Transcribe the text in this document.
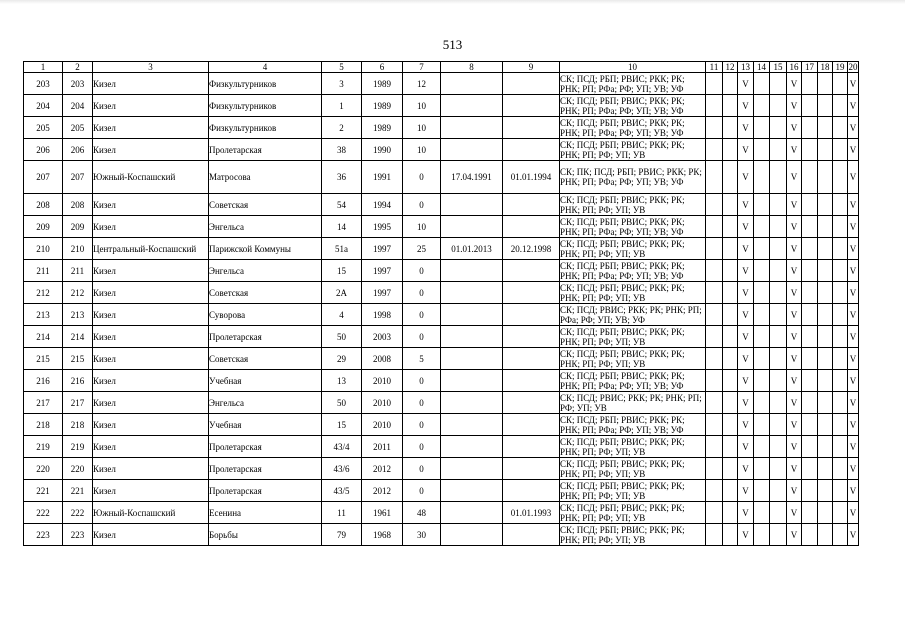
513
1	2	3	4	5	6	7	8	9	10	11	12	13	14	15	16	17	18	19	20
203	203	Кизел	Физкультурников	3	1989	12			СК; ПСД; РБП; РВИС; РКК; РК; РНК; РП; РФа; РФ; УП; УВ; УФ			V			V				V
204	204	Кизел	Физкультурников	1	1989	10			СК; ПСД; РБП; РВИС; РКК; РК; РНК; РП; РФа; РФ; УП; УВ; УФ			V			V				V
205	205	Кизел	Физкультурников	2	1989	10			СК; ПСД; РБП; РВИС; РКК; РК; РНК; РП; РФа; РФ; УП; УВ; УФ			V			V				V
206	206	Кизел	Пролетарская	38	1990	10			СК; ПСД; РБП; РВИС; РКК; РК; РНК; РП; РФ; УП; УВ			V			V				V
207	207	Южный-Коспашский	Матросова	36	1991	0	17.04.1991	01.01.1994	СК; ПК; ПСД; РБП; РВИС; РКК; РК; РНК; РП; РФа; РФ; УП; УВ; УФ			V			V				V
208	208	Кизел	Советская	54	1994	0			СК; ПСД; РБП; РВИС; РКК; РК; РНК; РП; РФ; УП; УВ			V			V				V
209	209	Кизел	Энгельса	14	1995	10			СК; ПСД; РБП; РВИС; РКК; РК; РНК; РП; РФа; РФ; УП; УВ; УФ			V			V				V
210	210	Центральный-Коспашский	Парижской Коммуны	51а	1997	25	01.01.2013	20.12.1998	СК; ПСД; РБП; РВИС; РКК; РК; РНК; РП; РФ; УП; УВ			V			V				V
211	211	Кизел	Энгельса	15	1997	0			СК; ПСД; РБП; РВИС; РКК; РК; РНК; РП; РФа; РФ; УП; УВ; УФ			V			V				V
212	212	Кизел	Советская	2А	1997	0			СК; ПСД; РБП; РВИС; РКК; РК; РНК; РП; РФ; УП; УВ			V			V				V
213	213	Кизел	Суворова	4	1998	0			СК; ПСД; РВИС; РКК; РК; РНК; РП; РФа; РФ; УП; УВ; УФ			V			V				V
214	214	Кизел	Пролетарская	50	2003	0			СК; ПСД; РБП; РВИС; РКК; РК; РНК; РП; РФ; УП; УВ			V			V				V
215	215	Кизел	Советская	29	2008	5			СК; ПСД; РБП; РВИС; РКК; РК; РНК; РП; РФ; УП; УВ			V			V				V
216	216	Кизел	Учебная	13	2010	0			СК; ПСД; РБП; РВИС; РКК; РК; РНК; РП; РФа; РФ; УП; УВ; УФ			V			V				V
217	217	Кизел	Энгельса	50	2010	0			СК; ПСД; РВИС; РКК; РК; РНК; РП; РФ; УП; УВ			V			V				V
218	218	Кизел	Учебная	15	2010	0			СК; ПСД; РБП; РВИС; РКК; РК; РНК; РП; РФа; РФ; УП; УВ; УФ			V			V				V
219	219	Кизел	Пролетарская	43/4	2011	0			СК; ПСД; РБП; РВИС; РКК; РК; РНК; РП; РФ; УП; УВ			V			V				V
220	220	Кизел	Пролетарская	43/6	2012	0			СК; ПСД; РБП; РВИС; РКК; РК; РНК; РП; РФ; УП; УВ			V			V				V
221	221	Кизел	Пролетарская	43/5	2012	0			СК; ПСД; РБП; РВИС; РКК; РК; РНК; РП; РФ; УП; УВ			V			V				V
222	222	Южный-Коспашский	Есенина	11	1961	48		01.01.1993	СК; ПСД; РБП; РВИС; РКК; РК; РНК; РП; РФ; УП; УВ			V			V				V
223	223	Кизел	Борьбы	79	1968	30			СК; ПСД; РБП; РВИС; РКК; РК; РНК; РП; РФ; УП; УВ			V			V				V
